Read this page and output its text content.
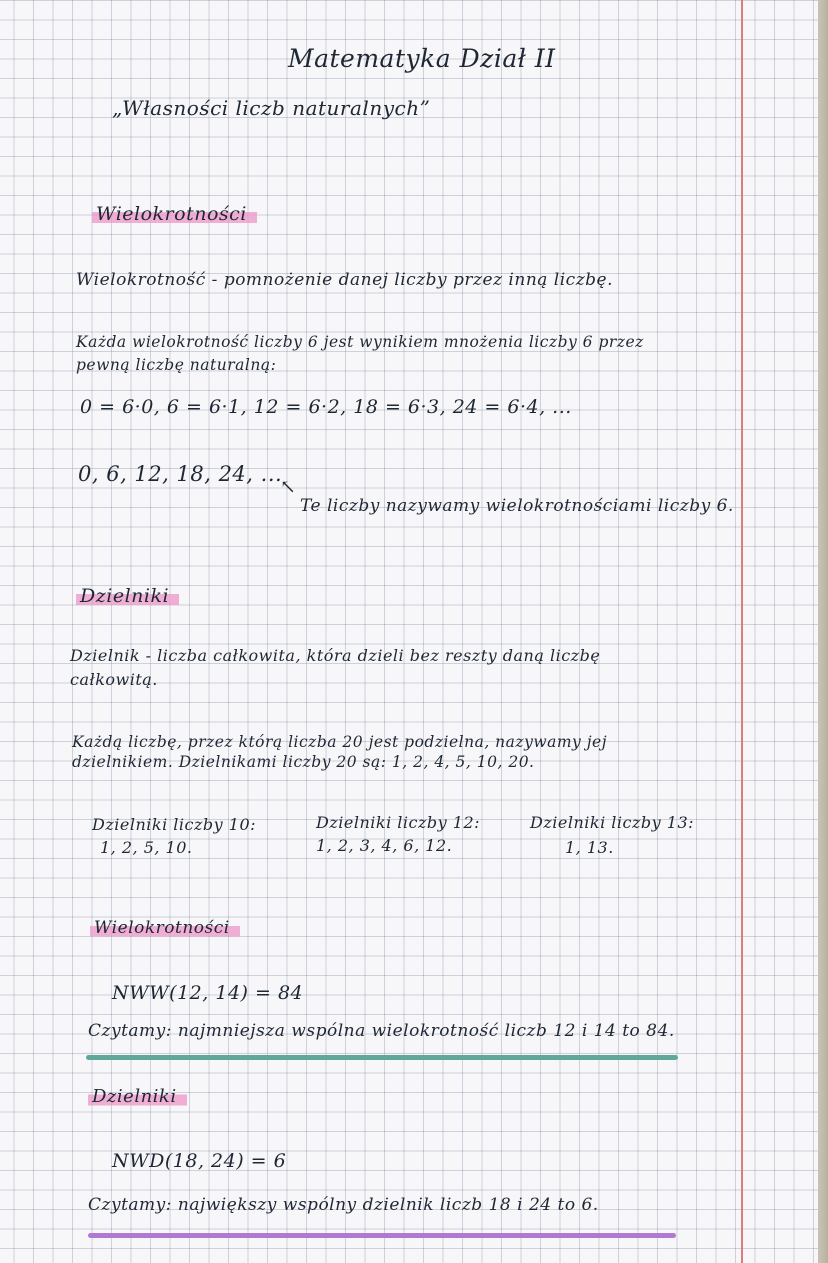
Matematyka Dział II
„Własności liczb naturalnych”
Wielokrotności
Wielokrotność - pomnożenie danej liczby przez inną liczbę.
Każda wielokrotność liczby 6 jest wynikiem mnożenia liczby 6 przez
pewną liczbę naturalną:
0 = 6·0, 6 = 6·1, 12 = 6·2, 18 = 6·3, 24 = 6·4, ...
0, 6, 12, 18, 24, ...
↖
Te liczby nazywamy wielokrotnościami liczby 6.
Dzielniki
Dzielnik - liczba całkowita, która dzieli bez reszty daną liczbę
całkowitą.
Każdą liczbę, przez którą liczba 20 jest podzielna, nazywamy jej
dzielnikiem. Dzielnikami liczby 20 są: 1, 2, 4, 5, 10, 20.
Dzielniki liczby 10:
1, 2, 5, 10.
Dzielniki liczby 12:
1, 2, 3, 4, 6, 12.
Dzielniki liczby 13:
1, 13.
Wielokrotności
NWW(12, 14) = 84
Czytamy: najmniejsza wspólna wielokrotność liczb 12 i 14 to 84.
Dzielniki
NWD(18, 24) = 6
Czytamy: największy wspólny dzielnik liczb 18 i 24 to 6.
